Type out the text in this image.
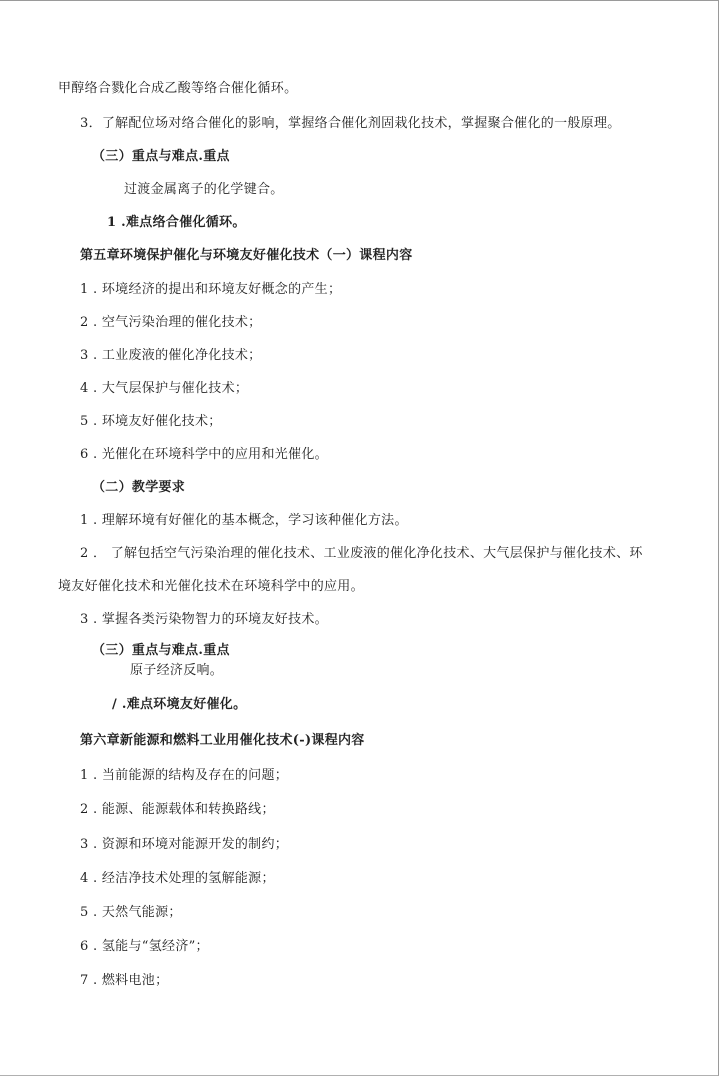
甲醇络合戮化合成乙酸等络合催化循环。
3．了解配位场对络合催化的影响，掌握络合催化剂固栽化技术，掌握聚合催化的一般原理。
（三）重点与难点.重点
过渡金属离子的化学键合。
1 .难点络合催化循环。
第五章环境保护催化与环境友好催化技术（一）课程内容
1 . 环境经济的提出和环境友好概念的产生；
2 . 空气污染治理的催化技术；
3 . 工业废液的催化净化技术；
4 . 大气层保护与催化技术；
5 . 环境友好催化技术；
6 . 光催化在环境科学中的应用和光催化。
（二）教学要求
1 . 理解环境有好催化的基本概念，学习该种催化方法。
2 ． 了解包括空气污染治理的催化技术、工业废液的催化净化技术、大气层保护与催化技术、环
境友好催化技术和光催化技术在环境科学中的应用。
3 . 掌握各类污染物智力的环境友好技术。
（三）重点与难点.重点
原子经济反响。
/ .难点环境友好催化。
第六章新能源和燃料工业用催化技术(-)课程内容
1 . 当前能源的结构及存在的问题；
2 . 能源、能源载体和转换路线；
3 . 资源和环境对能源开发的制约；
4 . 经洁净技术处理的氢解能源；
5 . 天然气能源；
6 . 氢能与“氢经济”；
7 . 燃料电池；
